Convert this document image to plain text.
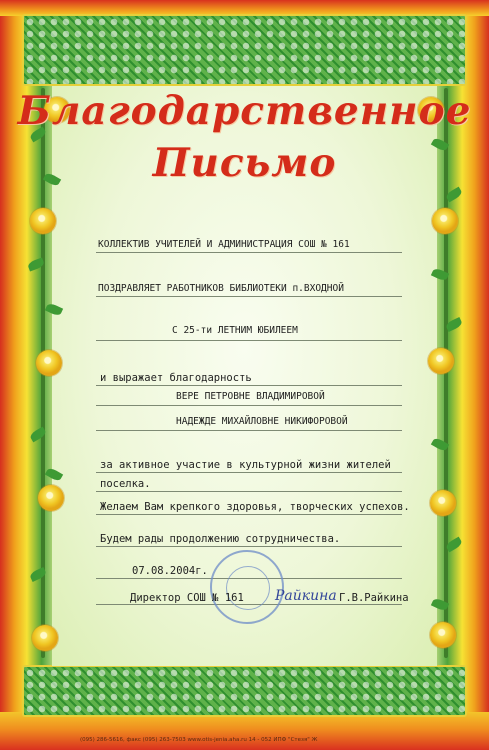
Благодарственное
Письмо
КОЛЛЕКТИВ УЧИТЕЛЕЙ И АДМИНИСТРАЦИЯ СОШ № 161
ПОЗДРАВЛЯЕТ РАБОТНИКОВ БИБЛИОТЕКИ п.ВХОДНОЙ
С 25-ти ЛЕТНИМ ЮБИЛЕЕМ
и выражает благодарность
ВЕРЕ ПЕТРОВНЕ ВЛАДИМИРОВОЙ
НАДЕЖДЕ МИХАЙЛОВНЕ НИКИФОРОВОЙ
за активное участие в культурной жизни жителей
поселка.
Желаем Вам крепкого здоровья, творческих успехов.
Будем рады продолжению сотрудничества.
07.08.2004г.
Райкина
Директор СОШ № 161	Г.В.Райкина
(095) 286-5616, факс (095) 263-7503 www.otis-jenia.aha.ru 14 - 052 ИПФ "Стезя" Ж
